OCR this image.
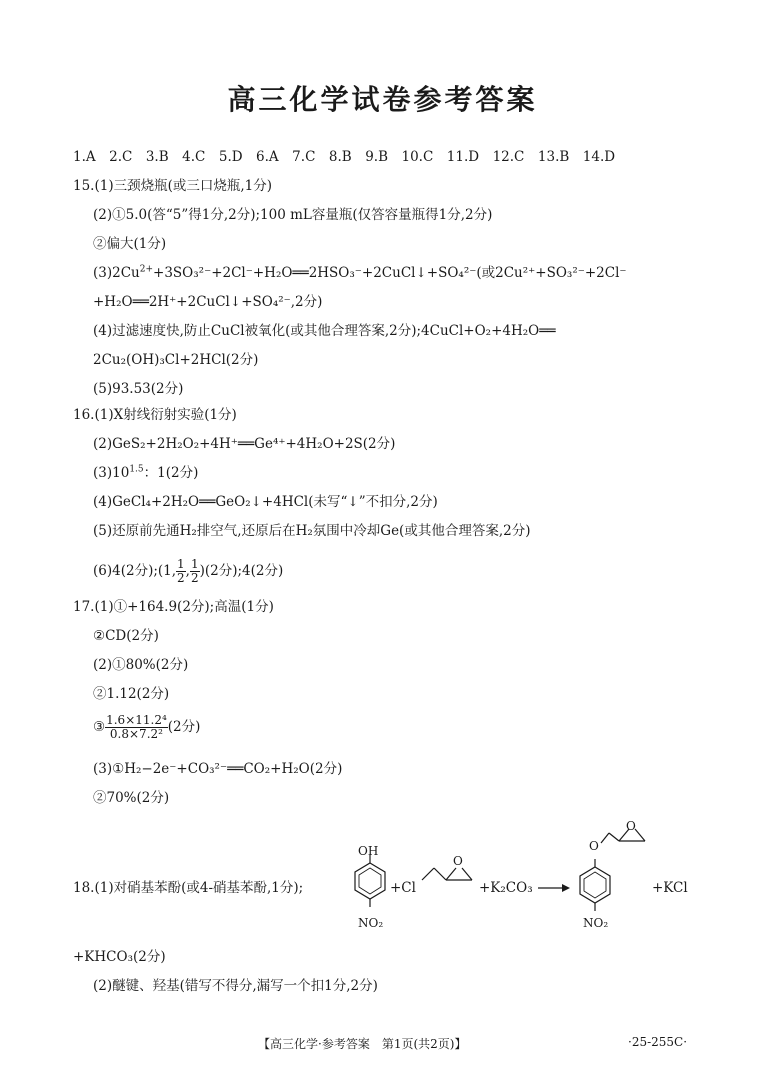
高三化学试卷参考答案
1.A　2.C　3.B　4.C　5.D　6.A　7.C　8.B　9.B　10.C　11.D　12.C　13.B　14.D
15.(1)三颈烧瓶(或三口烧瓶,1分)
(2)①5.0(答“5”得1分,2分);100 mL容量瓶(仅答容量瓶得1分,2分)
②偏大(1分)
$(3)2Cu^{2+}+3SO_3^{2-}+2Cl^-+H_2O══2HSO_3^-+2CuCl↓+SO_4^{2-}$(或2Cu²⁺+SO₃²⁻+2Cl⁻
+H₂O══2H⁺+2CuCl↓+SO₄²⁻,2分)
(4)过滤速度快,防止CuCl被氧化(或其他合理答案,2分);4CuCl+O₂+4H₂O══
2Cu₂(OH)₃Cl+2HCl(2分)
(5)93.53(2分)
16.(1)X射线衍射实验(1分)
(2)GeS₂+2H₂O₂+4H⁺══Ge⁴⁺+4H₂O+2S(2分)
$(3)10^{1.5}$：1(2分)
(4)GeCl₄+2H₂O══GeO₂↓+4HCl(未写“↓”不扣分,2分)
(5)还原前先通H₂排空气,还原后在H₂氛围中冷却Ge(或其他合理答案,2分)
(6)4(2分);(1, $\frac{1}{2}$ , $\frac{1}{2} )(2$分);4(2分)
17.(1)①+164.9(2分);高温(1分)
②CD(2分)
(2)①80%(2分)
②1.12(2分)
③ $\frac{\text{1.6×11.2⁴}}{\text{0.8×7.2²}} (2$分)
(3)①H₂−2e⁻+CO₃²⁻══CO₂+H₂O(2分)
②70%(2分)
18.(1)对硝基苯酚(或4-硝基苯酚,1分);
OH
NO₂
+Cl
O
+K₂CO₃ →
O
O
NO₂
+KCl
+KHCO₃(2分)
(2)醚键、羟基(错写不得分,漏写一个扣1分,2分)
【高三化学·参考答案　第1页(共2页)】	·25-255C·
